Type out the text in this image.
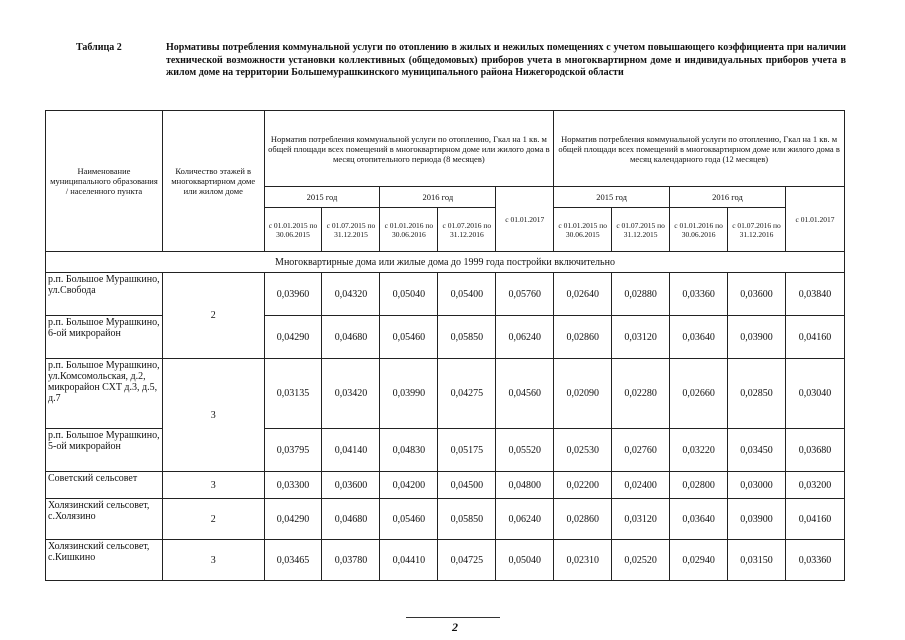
Таблица 2	Нормативы потребления коммунальной услуги по отоплению в жилых и нежилых помещениях с учетом повышающего коэффициента при наличии технической возможности установки коллективных (общедомовых) приборов учета в многоквартирном доме и индивидуальных приборов учета в жилом доме на территории Большемурашкинского муниципального района Нижегородской области
Наименование муниципального образования / населенного пункта	Количество этажей в многоквартирном доме или жилом доме	Норматив потребления коммунальной услуги по отоплению, Гкал на 1 кв. м общей площади всех помещений в многоквартирном доме или жилого дома в месяц отопительного периода (8 месяцев)					Норматив потребления коммунальной услуги по отоплению, Гкал на 1 кв. м общей площади всех помещений в многоквартирном доме или жилого дома в месяц календарного года (12 месяцев)				
		2015 год		2016 год		с 01.01.2017	2015 год		2016 год		с 01.01.2017
		с 01.01.2015 по 30.06.2015	с 01.07.2015 по 31.12.2015	с 01.01.2016 по 30.06.2016	с 01.07.2016 по 31.12.2016		с 01.01.2015 по 30.06.2015	с 01.07.2015 по 31.12.2015	с 01.01.2016 по 30.06.2016	с 01.07.2016 по 31.12.2016	
Многоквартирные дома или жилые дома до 1999 года постройки включительно											
р.п. Большое Мурашкино, ул.Свобода	2	0,03960	0,04320	0,05040	0,05400	0,05760	0,02640	0,02880	0,03360	0,03600	0,03840
р.п. Большое Мурашкино, 6-ой микрорайон		0,04290	0,04680	0,05460	0,05850	0,06240	0,02860	0,03120	0,03640	0,03900	0,04160
р.п. Большое Мурашкино, ул.Комсомольская, д.2, микрорайон СХТ д.3, д.5, д.7	3	0,03135	0,03420	0,03990	0,04275	0,04560	0,02090	0,02280	0,02660	0,02850	0,03040
р.п. Большое Мурашкино, 5-ой микрорайон		0,03795	0,04140	0,04830	0,05175	0,05520	0,02530	0,02760	0,03220	0,03450	0,03680
Советский сельсовет	3	0,03300	0,03600	0,04200	0,04500	0,04800	0,02200	0,02400	0,02800	0,03000	0,03200
Холязинский сельсовет, с.Холязино	2	0,04290	0,04680	0,05460	0,05850	0,06240	0,02860	0,03120	0,03640	0,03900	0,04160
Холязинский сельсовет, с.Кишкино	3	0,03465	0,03780	0,04410	0,04725	0,05040	0,02310	0,02520	0,02940	0,03150	0,03360
2
